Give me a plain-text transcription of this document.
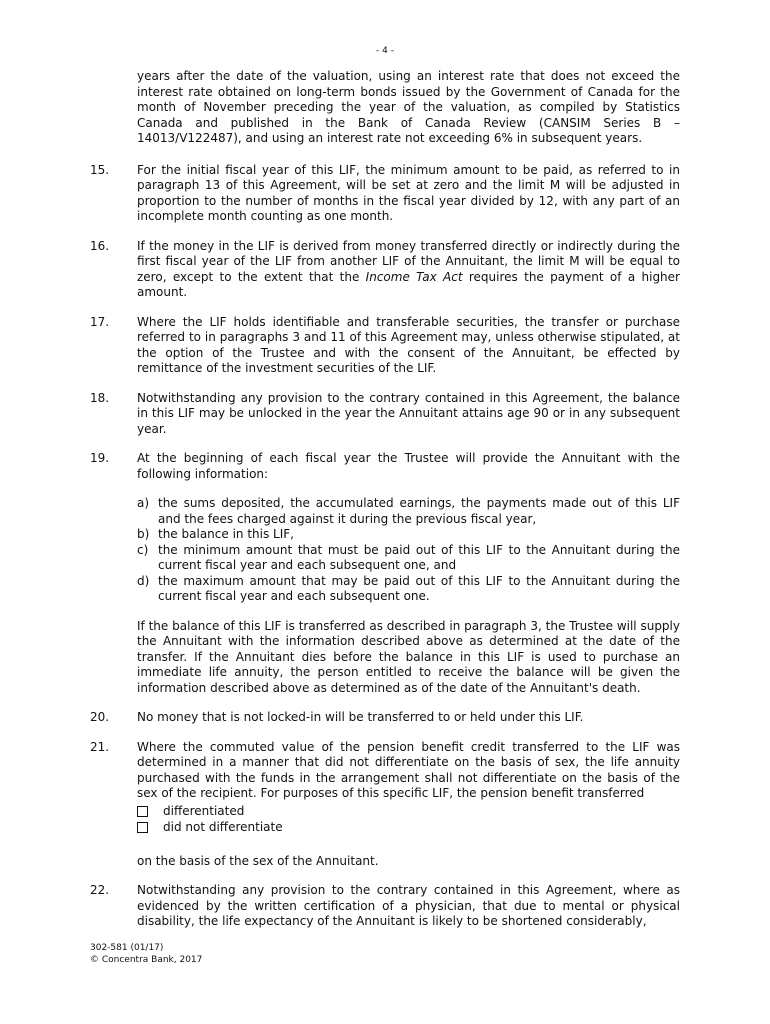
- 4 -
years after the date of the valuation, using an interest rate that does not exceed the interest rate obtained on long-term bonds issued by the Government of Canada for the month of November preceding the year of the valuation, as compiled by Statistics Canada and published in the Bank of Canada Review (CANSIM Series B – 14013/V122487), and using an interest rate not exceeding 6% in subsequent years.
15. For the initial fiscal year of this LIF, the minimum amount to be paid, as referred to in paragraph 13 of this Agreement, will be set at zero and the limit M will be adjusted in proportion to the number of months in the fiscal year divided by 12, with any part of an incomplete month counting as one month.
16. If the money in the LIF is derived from money transferred directly or indirectly during the first fiscal year of the LIF from another LIF of the Annuitant, the limit M will be equal to zero, except to the extent that the Income Tax Act requires the payment of a higher amount.
17. Where the LIF holds identifiable and transferable securities, the transfer or purchase referred to in paragraphs 3 and 11 of this Agreement may, unless otherwise stipulated, at the option of the Trustee and with the consent of the Annuitant, be effected by remittance of the investment securities of the LIF.
18. Notwithstanding any provision to the contrary contained in this Agreement, the balance in this LIF may be unlocked in the year the Annuitant attains age 90 or in any subsequent year.
19. At the beginning of each fiscal year the Trustee will provide the Annuitant with the following information:
a) the sums deposited, the accumulated earnings, the payments made out of this LIF and the fees charged against it during the previous fiscal year,
b) the balance in this LIF,
c) the minimum amount that must be paid out of this LIF to the Annuitant during the current fiscal year and each subsequent one, and
d) the maximum amount that may be paid out of this LIF to the Annuitant during the current fiscal year and each subsequent one.
If the balance of this LIF is transferred as described in paragraph 3, the Trustee will supply the Annuitant with the information described above as determined at the date of the transfer. If the Annuitant dies before the balance in this LIF is used to purchase an immediate life annuity, the person entitled to receive the balance will be given the information described above as determined as of the date of the Annuitant's death.
20. No money that is not locked-in will be transferred to or held under this LIF.
21. Where the commuted value of the pension benefit credit transferred to the LIF was determined in a manner that did not differentiate on the basis of sex, the life annuity purchased with the funds in the arrangement shall not differentiate on the basis of the sex of the recipient. For purposes of this specific LIF, the pension benefit transferred
differentiated
did not differentiate
on the basis of the sex of the Annuitant.
22. Notwithstanding any provision to the contrary contained in this Agreement, where as evidenced by the written certification of a physician, that due to mental or physical disability, the life expectancy of the Annuitant is likely to be shortened considerably,
302-581 (01/17)
© Concentra Bank, 2017
